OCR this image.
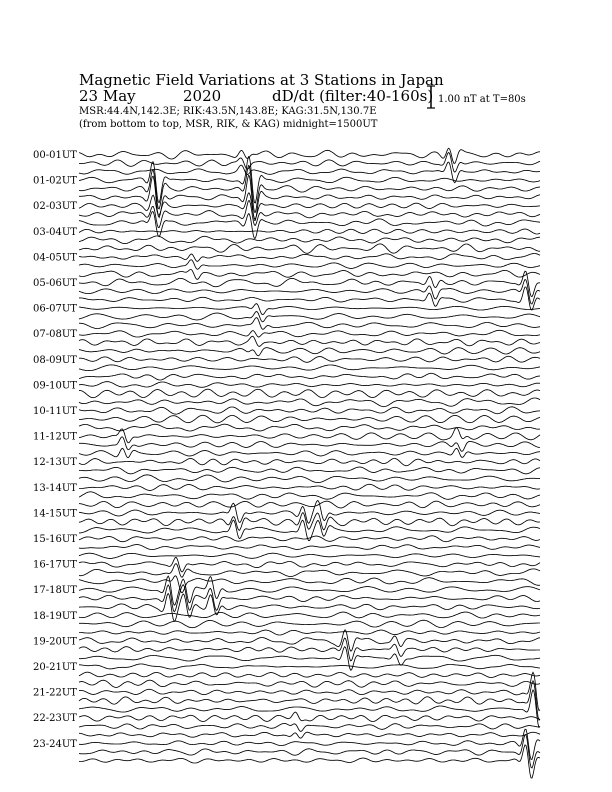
Magnetic Field Variations at 3 Stations in Japan
23 May	2020	dD/dt (filter:40-160s)
MSR:44.4N,142.3E; RIK:43.5N,143.8E; KAG:31.5N,130.7E
(from bottom to top, MSR, RIK, & KAG) midnight=1500UT
1.00 nT at T=80s
00-01UT
01-02UT
02-03UT
03-04UT
04-05UT
05-06UT
06-07UT
07-08UT
08-09UT
09-10UT
10-11UT
11-12UT
12-13UT
13-14UT
14-15UT
15-16UT
16-17UT
17-18UT
18-19UT
19-20UT
20-21UT
21-22UT
22-23UT
23-24UT
